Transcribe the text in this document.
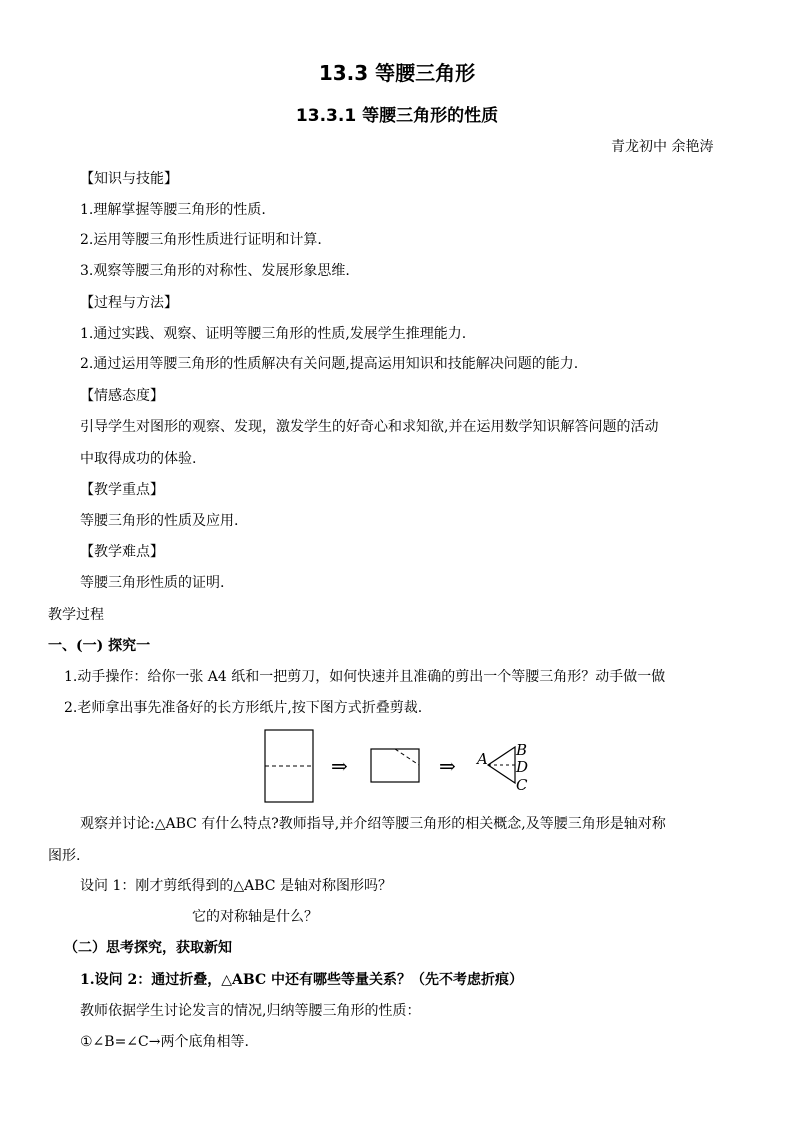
13.3 等腰三角形
13.3.1 等腰三角形的性质
青龙初中 余艳涛
【知识与技能】
1.理解掌握等腰三角形的性质.
2.运用等腰三角形性质进行证明和计算.
3.观察等腰三角形的对称性、发展形象思维.
【过程与方法】
1.通过实践、观察、证明等腰三角形的性质,发展学生推理能力.
2.通过运用等腰三角形的性质解决有关问题,提高运用知识和技能解决问题的能力.
【情感态度】
引导学生对图形的观察、发现，激发学生的好奇心和求知欲,并在运用数学知识解答问题的活动
中取得成功的体验.
【教学重点】
等腰三角形的性质及应用.
【教学难点】
等腰三角形性质的证明.
教学过程
一、(一) 探究一
1.动手操作：给你一张 A4 纸和一把剪刀，如何快速并且准确的剪出一个等腰三角形？动手做一做
2.老师拿出事先准备好的长方形纸片,按下图方式折叠剪裁.
⇒	⇒ A B
D
C
观察并讨论:△ABC 有什么特点?教师指导,并介绍等腰三角形的相关概念,及等腰三角形是轴对称
图形.
设问 1：刚才剪纸得到的△ABC 是轴对称图形吗？
它的对称轴是什么？
（二）思考探究，获取新知
1.设问 2：通过折叠，△ABC 中还有哪些等量关系？（先不考虑折痕）
教师依据学生讨论发言的情况,归纳等腰三角形的性质：
①∠B=∠C→两个底角相等.
